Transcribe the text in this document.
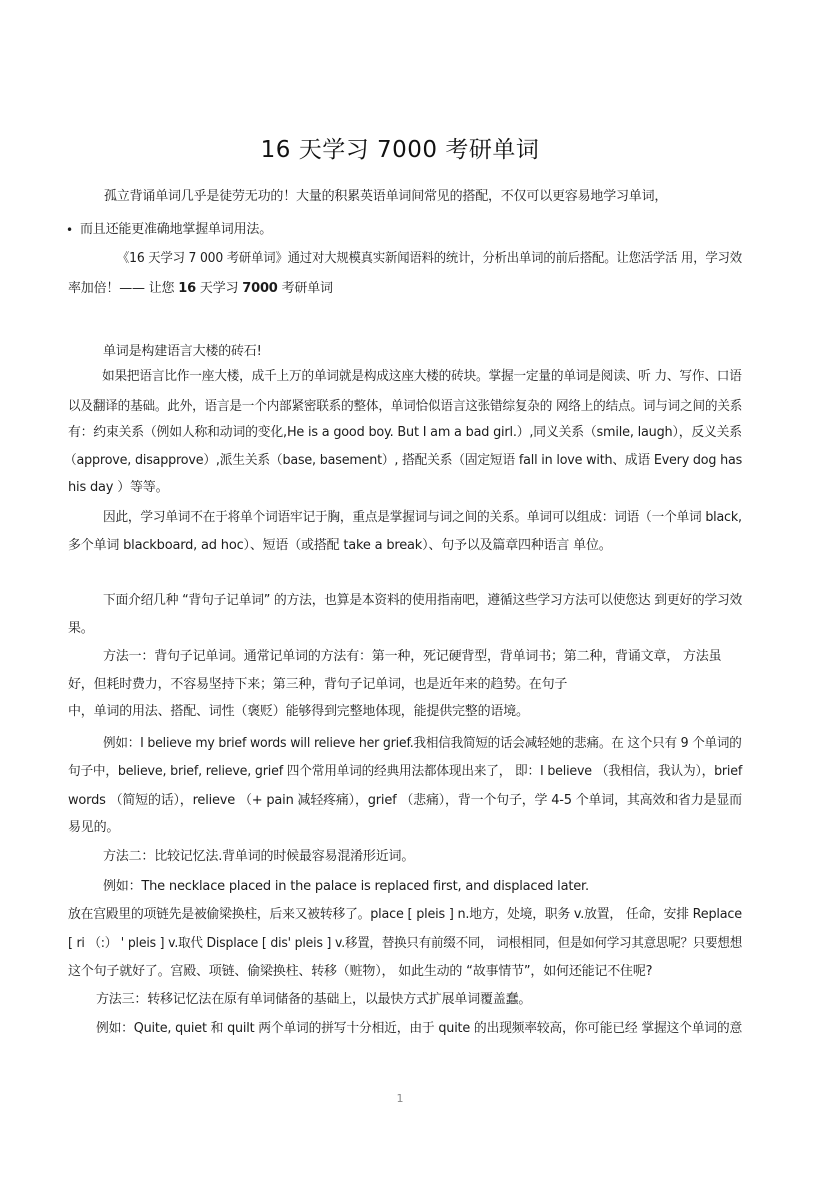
16 天学习 7000 考研单词
孤立背诵单词几乎是徒劳无功的！大量的积累英语单词间常见的搭配，不仅可以更容易地学习单词，
• 而且还能更准确地掌握单词用法。
《16 天学习 7 000 考研单词》通过对大规模真实新闻语料的统计，分析出单词的前后搭配。让您活学活 用，学习效
率加倍！—— 让您 16 天学习 7000 考研单词
单词是构建语言大楼的砖石!
如果把语言比作一座大楼，成千上万的单词就是构成这座大楼的砖块。掌握一定量的单词是阅读、听 力、写作、口语
以及翻译的基础。此外，语言是一个内部紧密联系的整体，单词恰似语言这张错综复杂的 网络上的结点。词与词之间的关系
有：约束关系（例如人称和动词的变化,He is a good boy. But I am a bad girl.）,同义关系（smile, laugh），反义关系
（approve, disapprove）,派生关系（base, basement）, 搭配关系（固定短语 fall in love with、成语 Every dog has
his day ）等等。
因此，学习单词不在于将单个词语牢记于胸，重点是掌握词与词之间的关系。单词可以组成：词语（一个单词 black,
多个单词 blackboard, ad hoc）、短语（或搭配 take a break）、句予以及篇章四种语言 单位。
下面介绍几种 “背句子记单词” 的方法，也算是本资料的使用指南吧，遵循这些学习方法可以使您达 到更好的学习效
果。
方法一：背句子记单词。通常记单词的方法有：第一种，死记硬背型，背单词书；第二种，背诵文章， 方法虽
好，但耗时费力，不容易坚持下来；第三种，背句子记单词，也是近年来的趋势。在句子
中，单词的用法、搭配、词性（褒贬）能够得到完整地体现，能提供完整的语境。
例如：I believe my brief words will relieve her grief.我相信我简短的话会减轻她的悲痛。在 这个只有 9 个单词的
句子中，believe, brief, relieve, grief 四个常用单词的经典用法都体现出来了， 即：I believe （我相信，我认为），brief
words （简短的话），relieve （+ pain 减轻疼痛），grief （悲痛），背一个句子，学 4-5 个单词，其高效和省力是显而
易见的。
方法二：比较记忆法.背单词的时候最容易混淆形近词。
例如：The necklace placed in the palace is replaced first, and displaced later.
放在宫殿里的项链先是被偷梁换柱，后来又被转移了。place [ pleis ] n.地方，处境，职务 v.放置， 任命，安排 Replace
[ ri （:） ' pleis ] v.取代 Displace [ dis' pleis ] v.移置，替换只有前缀不同， 词根相同，但是如何学习其意思呢？只要想想
这个句子就好了。宫殿、项链、偷梁换柱、转移（赃物）， 如此生动的 “故事情节”，如何还能记不住呢?
方法三：转移记忆法在原有单词储备的基础上，以最快方式扩展单词覆盖蠢。
例如：Quite, quiet 和 quilt 两个单词的拼写十分相近，由于 quite 的出现频率较高，你可能已经 掌握这个单词的意
1
